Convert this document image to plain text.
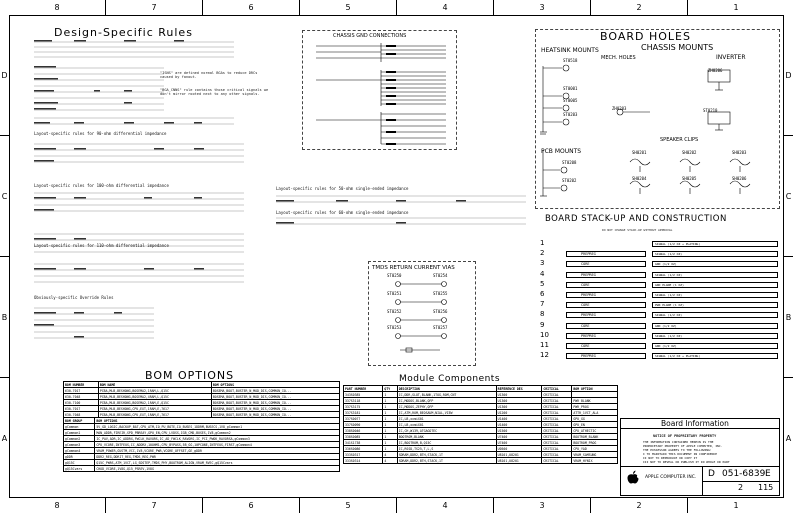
8	7	6	5	4	3	2	1
8	7	6	5	4	3	2	1
D
C
B
A
D
C
B
A
Design-Specific Rules
"ISNS" are defined normal BGAs to reduce DRCs caused by fanout.
"BGA_CNNS" rule contains those critical signals we don't mirror rooted next to any other signals.
Layout-specific rules for 90-ohm differential impedance
Layout-specific rules for 100-ohm differential impedance
Layout-specific rules for 50-ohm single-ended impedance
Layout-specific rules for 60-ohm single-ended impedance
Layout-specific rules for 110-ohm differential impedance
Obviously-specific Override Rules
CHASSIS GND CONNECTIONS	BOARD HOLES
HEATSINK MOUNTS	CHASSIS MOUNTS
MECH. HOLES	INVERTER
ST0518
ST0001
ST0005
ST0203
ZH0203
ZH0206
ST0210
PCB MOUNTS
SPEAKER CLIPS
ST0208
ST0202
SH0201	SH0202	SH0203
SH0204	SH0205	SH0206
BOARD STACK-UP AND CONSTRUCTION
DO NOT CHANGE STACK-UP WITHOUT APPROVAL
1	SIGNAL (1/2 OZ + PLATING)
2	PREPREG	SIGNAL (1/2 OZ)
3	CORE	GND (1/2 OZ)
4	PREPREG	SIGNAL (1/2 OZ)
5	CORE	GND PLANE (1 OZ)
6	PREPREG	SIGNAL (1/2 OZ)
7	CORE	PWR PLANE (1 OZ)
8	PREPREG	SIGNAL (1/2 OZ)
9	CORE	GND (1/2 OZ)
10	PREPREG	SIGNAL (1/2 OZ)
11	CORE	GND (1/2 OZ)
12	PREPREG	SIGNAL (1/2 OZ + PLATING)
TMDS RETURN CURRENT VIAS
ST0250	ST0254
ST0251	ST0255
ST0252	ST0256
ST0253	ST0257
BOM OPTIONS
BOM NUMBER	BOM NAME	BOM OPTIONS
630-7017	PCBA,MLB,BESHONG,BOSEMA2,1RAM,L,Q15C	BOSEMA_BOOT,BUSTER_N_MOD_DIS,COMMON_IO...
630-7048	PCBA,MLB,BESHONG,BOSEMA2,4RAM,L,Q15C	BOSEMA_BOOT,BUSTER_N_MOD_DIS,COMMON_IO...
630-7100	PCBA,MLB,BESHONG,BOSEMA2,1RAM,E,Q15C	BOSEMA_BOOT,BUSTER_N_MOD_DIS,COMMON_IO...
630-7017	PCBA,MLB,BESHONG,CPU,EXT,1RAM,E,7617	BOSEMA_BOOT,BUSTER_N_MOD_DIS,COMMON_IO...
630-7048	PCBA,MLB,BESHONG,CPU,EXT,1RAM,E,7617	BOSEMA_BOOT,BUSTER_N_MOD_DIS,COMMON_IO...
BOM GROUP	BOM OPTIONS
gCommon	5V_GD_LOGIC,BACKUP_BAT,CPU_ATM,IO_PU_BOTE,IO_BUSES_1DDRM,BUSECS,1V8_gCommon1
gCommon1	MAN_ADDR,FIREIR,SPD_PBREAY,GPU_EN,CPU_LVDSS,IGB_CMD,BUSES,1V8,gCommon2
gCommon2	IC_PAV,ADR,IC_ADDRX,FWCLK_RAVORS,IC_AD_FWCLK_RAVORS,IC_PCI_PWOK_RAVORSA,gCommon3
gCommon3	CPU_VCORE,INTFEUS,IC_ADDRX,10OHM1,CPU_BYPASS,5B_GG,10PCONE,INTFEUS,FIRST,gCommon4
gCommon4	VRAM_POWER,GUSTM,VCC,1V8,VCORE_PWR,VCORE_OFFSET,GE_gDDR
gDDR	DDR2_REG,DDRIT_REG,TMDS_REG,PWR
gQ15C	Q15C_PWRS,ATM_1VCT,LG_SDSTEP,TMDS_PHY,BOOTROM_ALIGN,VRAM_RVEC,gQ15Cvars
gQ15Cvars	CHOD_VCORE,1V8G,Q15_PSREV,1V8G
Module Components
PART NUMBER	QTY	DESCRIPTION	REFERENCE DES	CRITICAL	BOM OPTION
343S0385	1	IC,DDR,SLOT,BLANK,1TOG,ROM,CNT	U1300	CRITICAL	
337S3118	1	IC,MODOS,BLANK,QFP	U1300	CRITICAL	PWR BLANK
337S3175	1	IC,MODOS,ZEPHY,QFP	U1300	CRITICAL	PWR_PROG
337S3181	1	IC,ATM,ROM,BEOSAUM,NIAL,VIEW	U1200	CRITICAL	ATTR_1VCT_ALA
337S0077	1	IC,LB,xxmiX01	U1400	CRITICAL	GPU_GG
337S0090	1	IC,LB,xxmiX01	U1400	CRITICAL	GPU_EN
338S0046	1	IC,CH,W139,ATGAGOTEC	U1500	CRITICAL	CPU_ATHECTIC
338S0085	1	BOOTROM,BLANK	U7400	CRITICAL	BOOTROM_BLANK
341S1738	1	IC,BOOTROM,B,Q15C	U7400	CRITICAL	BOOTROM_PROG
336S0086	1	IC,RSSD,TS25,T,L,S	U0500	CRITICAL	CPU_YAD
333S0317	4	SDRAM,DDR2,BTH,STACK,1T	U8101,U8201	CRITICAL	VRAM_SAMSUNG
333S0314	4	SDRAM,DDR2,BTH,STACK,1T	U8101,U8201	CRITICAL	VRAM_HYNIX
Board Information
NOTICE OF PROPRIETARY PROPERTY
THE INFORMATION CONTAINED HEREIN IS THE
PROPRIETARY PROPERTY OF APPLE COMPUTER, INC.
THE POSSESSOR AGREES TO THE FOLLOWING:
I TO MAINTAIN THIS DOCUMENT IN CONFIDENCE
II NOT TO REPRODUCE OR COPY IT
III NOT TO REVEAL OR PUBLISH IT IN WHOLE OR PART
APPLE COMPUTER INC. D 051-6839 E
2 115
